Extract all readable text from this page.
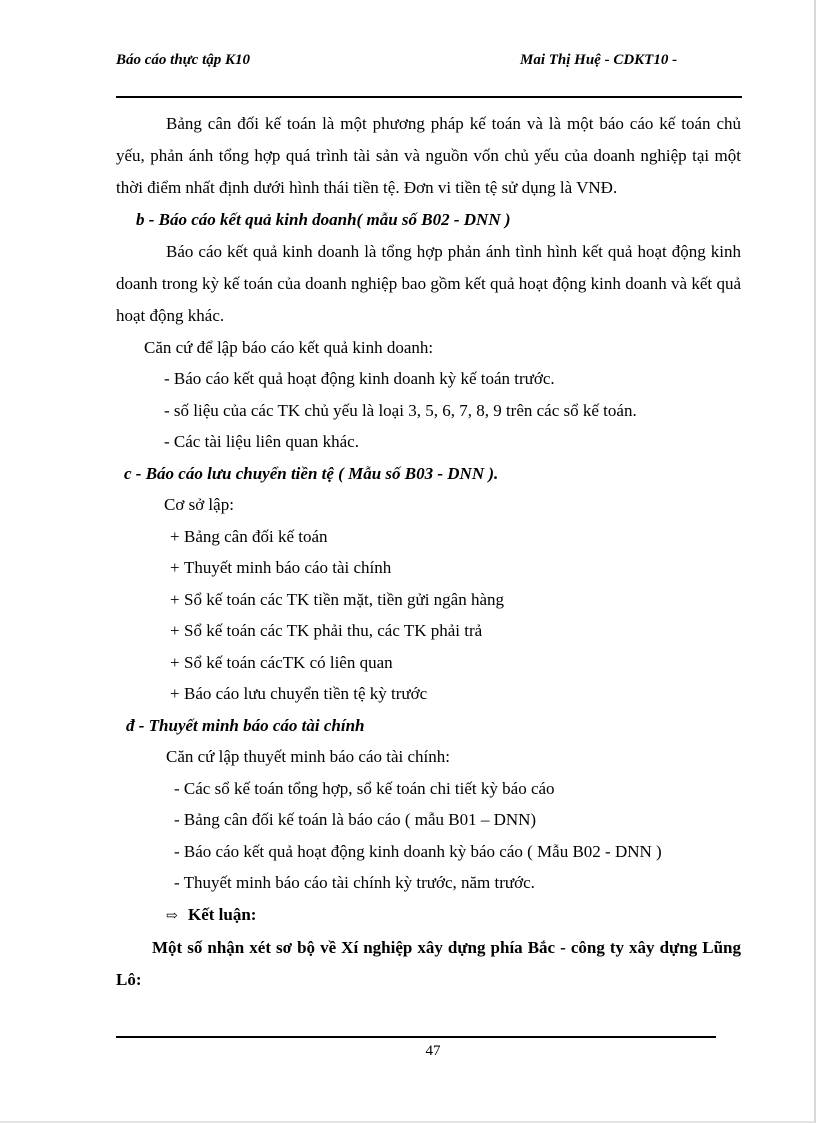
Báo cáo thực tập K10	Mai Thị Huệ - CDKT10 -

Bảng cân đối kế toán là một phương pháp kế toán và là một báo cáo kế toán chủ yếu, phản ánh tổng hợp quá trình tài sản và nguồn vốn chủ yếu của doanh nghiệp tại một thời điểm nhất định dưới hình thái tiền tệ. Đơn vi tiền tệ sử dụng là VNĐ.

b - Báo cáo kết quả kinh doanh( mẫu số B02 - DNN )

Báo cáo kết quả kinh doanh là tổng hợp phản ánh tình hình kết quả hoạt động kinh doanh trong kỳ kế toán của doanh nghiệp bao gồm kết quả hoạt động kinh doanh và kết quả hoạt động khác.

Căn cứ để lập báo cáo kết quả kinh doanh:

- Báo cáo kết quả hoạt động kinh doanh kỳ kế toán trước.

- số liệu của các TK chủ yếu là loại 3, 5, 6, 7, 8, 9 trên các sổ kế toán.

- Các tài liệu liên quan khác.

c - Báo cáo lưu chuyển tiền tệ ( Mẫu số B03 - DNN ).

Cơ sở lập:

+ Bảng cân đối kế toán

+ Thuyết minh báo cáo tài chính

+ Sổ kế toán các TK tiền mặt, tiền gửi ngân hàng

+ Sổ kế toán các TK phải thu, các TK phải trả

+ Sổ kế toán cácTK có liên quan

+ Báo cáo lưu chuyển tiền tệ kỳ trước

đ - Thuyết minh báo cáo tài chính

Căn cứ lập thuyết minh báo cáo tài chính:

- Các sổ kế toán tổng hợp, sổ kế toán chi tiết kỳ báo cáo

- Bảng cân đối kế toán là báo cáo ( mẫu B01 – DNN)

- Báo cáo kết quả hoạt động kinh doanh kỳ báo cáo ( Mẫu B02 - DNN )

- Thuyết minh báo cáo tài chính kỳ trước, năm trước.

⇨ Kết luận:

Một số nhận xét sơ bộ về Xí nghiệp xây dựng phía Bắc - công ty xây dựng Lũng Lô:

47
